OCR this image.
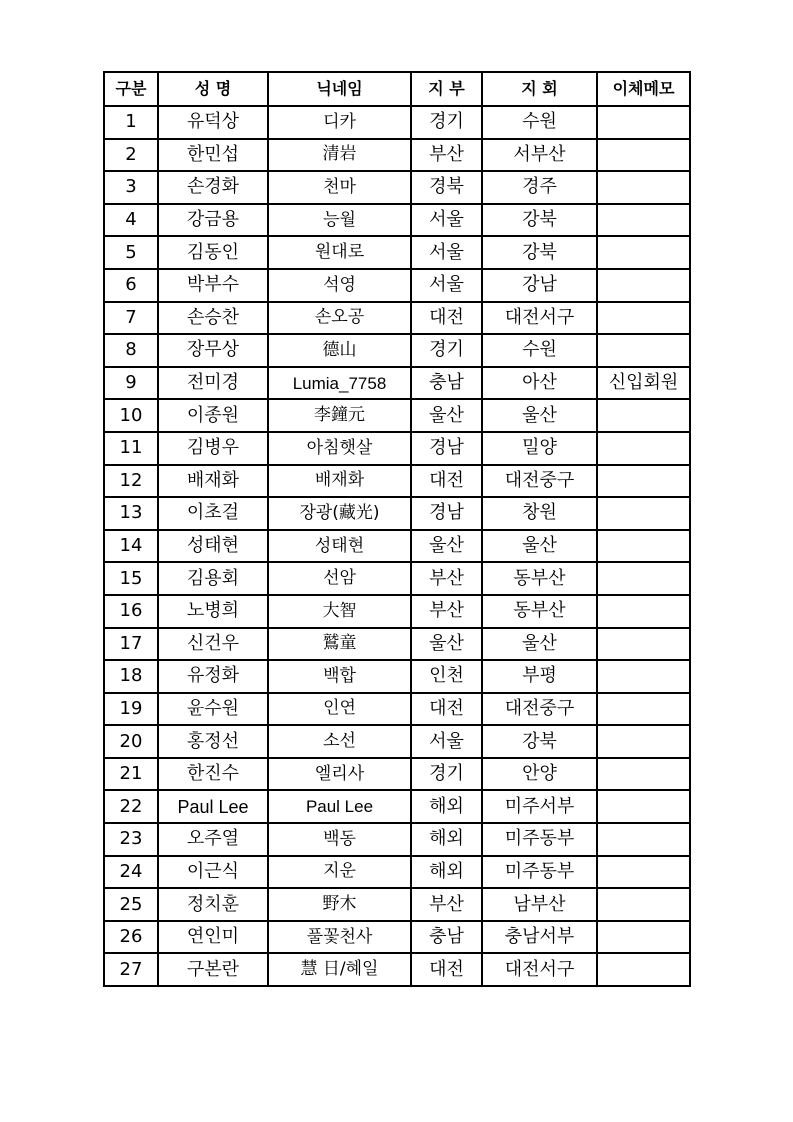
구분	성 명	닉네임	지 부	지 회	이체메모
1	유덕상	디카	경기	수원	
2	한민섭	清岩	부산	서부산	
3	손경화	천마	경북	경주	
4	강금용	능월	서울	강북	
5	김동인	원대로	서울	강북	
6	박부수	석영	서울	강남	
7	손승찬	손오공	대전	대전서구	
8	장무상	德山	경기	수원	
9	전미경	Lumia_7758	충남	아산	신입회원
10	이종원	李鐘元	울산	울산	
11	김병우	아침햇살	경남	밀양	
12	배재화	배재화	대전	대전중구	
13	이초걸	장광(藏光)	경남	창원	
14	성태현	성태현	울산	울산	
15	김용회	선암	부산	동부산	
16	노병희	大智	부산	동부산	
17	신건우	鷲童	울산	울산	
18	유정화	백합	인천	부평	
19	윤수원	인연	대전	대전중구	
20	홍정선	소선	서울	강북	
21	한진수	엘리사	경기	안양	
22	Paul Lee	Paul Lee	해외	미주서부	
23	오주열	백동	해외	미주동부	
24	이근식	지운	해외	미주동부	
25	정치훈	野木	부산	남부산	
26	연인미	풀꽃천사	충남	충남서부	
27	구본란	慧 日/혜일	대전	대전서구	
